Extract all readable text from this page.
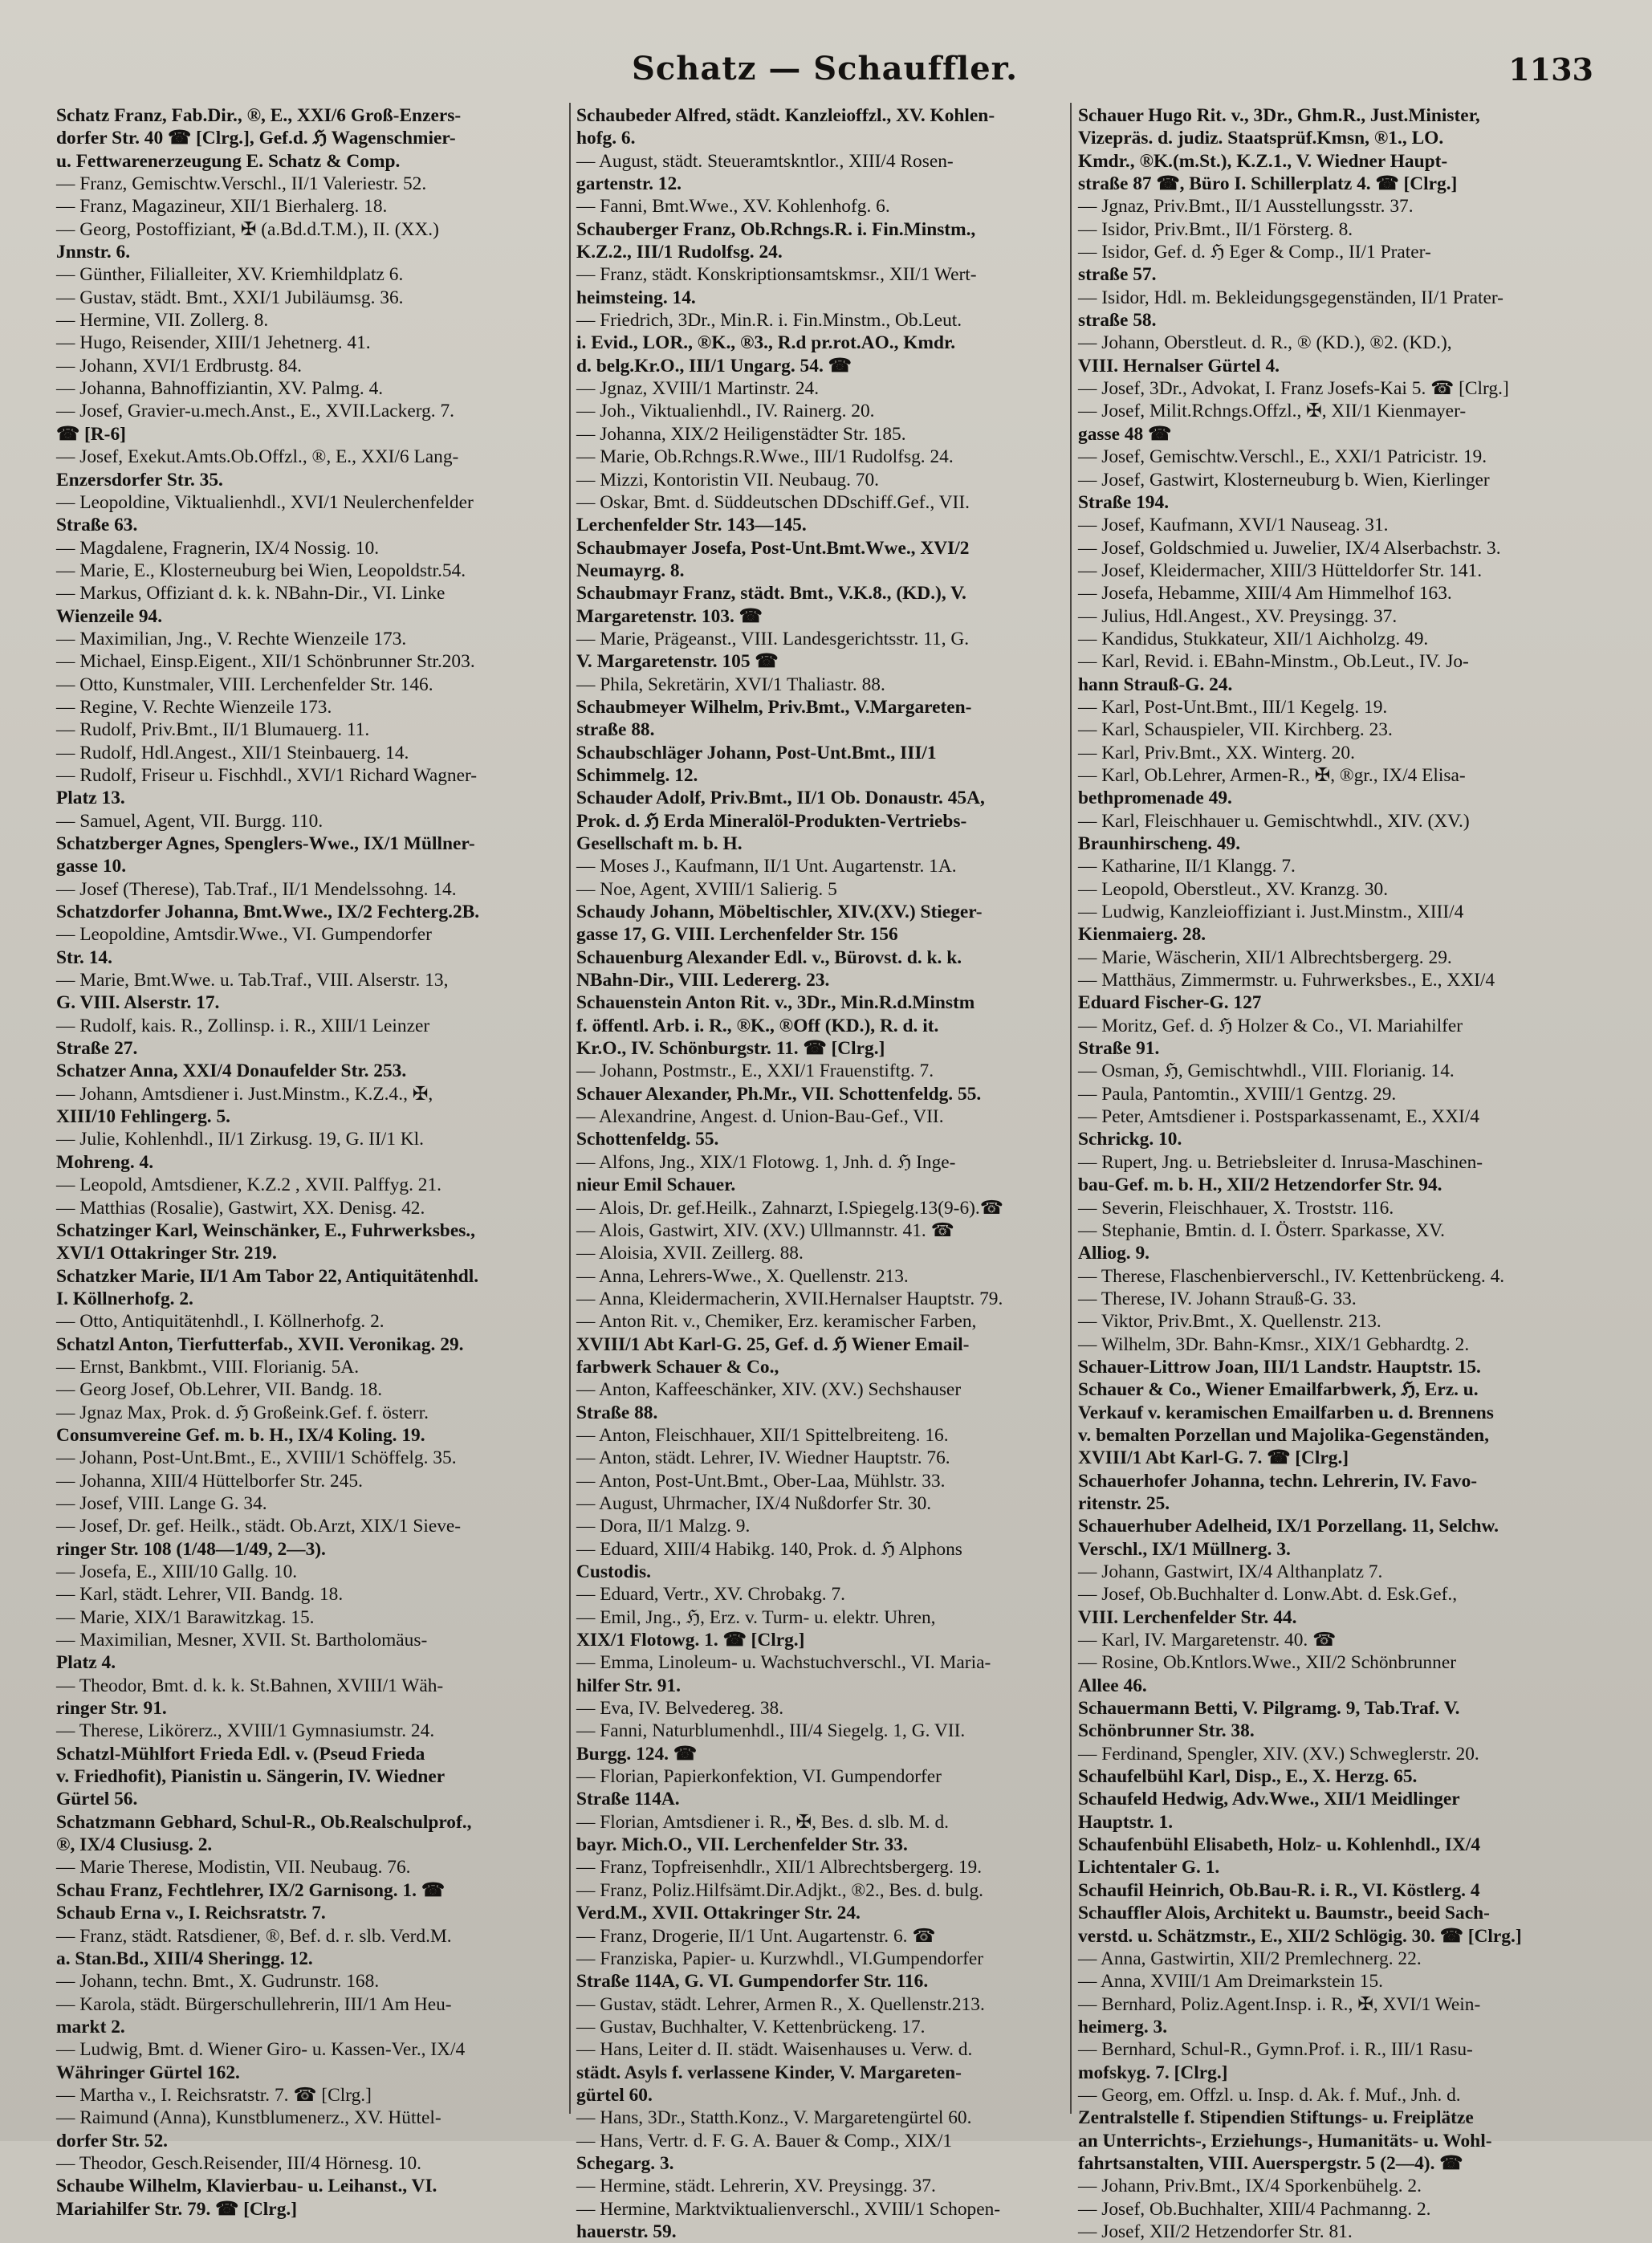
Schatz — Schauffler.	1133
Schatz Franz, Fab.Dir., ®, E., XXI/6 Groß-Enzers-
dorfer Str. 40 ☎ [Clrg.], Gef.d. ℌ Wagenschmier-
u. Fettwarenerzeugung E. Schatz & Comp.
— Franz, Gemischtw.Verschl., II/1 Valeriestr. 52.
— Franz, Magazineur, XII/1 Bierhalerg. 18.
— Georg, Postoffiziant, ✠ (a.Bd.d.T.M.), II. (XX.)
Jnnstr. 6.
— Günther, Filialleiter, XV. Kriemhildplatz 6.
— Gustav, städt. Bmt., XXI/1 Jubiläumsg. 36.
— Hermine, VII. Zollerg. 8.
— Hugo, Reisender, XIII/1 Jehetnerg. 41.
— Johann, XVI/1 Erdbrustg. 84.
— Johanna, Bahnoffiziantin, XV. Palmg. 4.
— Josef, Gravier-u.mech.Anst., E., XVII.Lackerg. 7.
☎ [R-6]
— Josef, Exekut.Amts.Ob.Offzl., ®, E., XXI/6 Lang-
Enzersdorfer Str. 35.
— Leopoldine, Viktualienhdl., XVI/1 Neulerchenfelder
Straße 63.
— Magdalene, Fragnerin, IX/4 Nossig. 10.
— Marie, E., Klosterneuburg bei Wien, Leopoldstr.54.
— Markus, Offiziant d. k. k. NBahn-Dir., VI. Linke
Wienzeile 94.
— Maximilian, Jng., V. Rechte Wienzeile 173.
— Michael, Einsp.Eigent., XII/1 Schönbrunner Str.203.
— Otto, Kunstmaler, VIII. Lerchenfelder Str. 146.
— Regine, V. Rechte Wienzeile 173.
— Rudolf, Priv.Bmt., II/1 Blumauerg. 11.
— Rudolf, Hdl.Angest., XII/1 Steinbauerg. 14.
— Rudolf, Friseur u. Fischhdl., XVI/1 Richard Wagner-
Platz 13.
— Samuel, Agent, VII. Burgg. 110.
Schatzberger Agnes, Spenglers-Wwe., IX/1 Müllner-
gasse 10.
— Josef (Therese), Tab.Traf., II/1 Mendelssohng. 14.
Schatzdorfer Johanna, Bmt.Wwe., IX/2 Fechterg.2B.
— Leopoldine, Amtsdir.Wwe., VI. Gumpendorfer
Str. 14.
— Marie, Bmt.Wwe. u. Tab.Traf., VIII. Alserstr. 13,
G. VIII. Alserstr. 17.
— Rudolf, kais. R., Zollinsp. i. R., XIII/1 Leinzer
Straße 27.
Schatzer Anna, XXI/4 Donaufelder Str. 253.
— Johann, Amtsdiener i. Just.Minstm., K.Z.4., ✠,
XIII/10 Fehlingerg. 5.
— Julie, Kohlenhdl., II/1 Zirkusg. 19, G. II/1 Kl.
Mohreng. 4.
— Leopold, Amtsdiener, K.Z.2 , XVII. Palffyg. 21.
— Matthias (Rosalie), Gastwirt, XX. Denisg. 42.
Schatzinger Karl, Weinschänker, E., Fuhrwerksbes.,
XVI/1 Ottakringer Str. 219.
Schatzker Marie, II/1 Am Tabor 22, Antiquitätenhdl.
I. Köllnerhofg. 2.
— Otto, Antiquitätenhdl., I. Köllnerhofg. 2.
Schatzl Anton, Tierfutterfab., XVII. Veronikag. 29.
— Ernst, Bankbmt., VIII. Florianig. 5A.
— Georg Josef, Ob.Lehrer, VII. Bandg. 18.
— Jgnaz Max, Prok. d. ℌ Großeink.Gef. f. österr.
Consumvereine Gef. m. b. H., IX/4 Koling. 19.
— Johann, Post-Unt.Bmt., E., XVIII/1 Schöffelg. 35.
— Johanna, XIII/4 Hüttelborfer Str. 245.
— Josef, VIII. Lange G. 34.
— Josef, Dr. gef. Heilk., städt. Ob.Arzt, XIX/1 Sieve-
ringer Str. 108 (1/48—1/49, 2—3).
— Josefa, E., XIII/10 Gallg. 10.
— Karl, städt. Lehrer, VII. Bandg. 18.
— Marie, XIX/1 Barawitzkag. 15.
— Maximilian, Mesner, XVII. St. Bartholomäus-
Platz 4.
— Theodor, Bmt. d. k. k. St.Bahnen, XVIII/1 Wäh-
ringer Str. 91.
— Therese, Likörerz., XVIII/1 Gymnasiumstr. 24.
Schatzl-Mühlfort Frieda Edl. v. (Pseud Frieda
v. Friedhofit), Pianistin u. Sängerin, IV. Wiedner
Gürtel 56.
Schatzmann Gebhard, Schul-R., Ob.Realschulprof.,
®, IX/4 Clusiusg. 2.
— Marie Therese, Modistin, VII. Neubaug. 76.
Schau Franz, Fechtlehrer, IX/2 Garnisong. 1. ☎
Schaub Erna v., I. Reichsratstr. 7.
— Franz, städt. Ratsdiener, ®, Bef. d. r. slb. Verd.M.
a. Stan.Bd., XIII/4 Sheringg. 12.
— Johann, techn. Bmt., X. Gudrunstr. 168.
— Karola, städt. Bürgerschullehrerin, III/1 Am Heu-
markt 2.
— Ludwig, Bmt. d. Wiener Giro- u. Kassen-Ver., IX/4
Währinger Gürtel 162.
— Martha v., I. Reichsratstr. 7. ☎ [Clrg.]
— Raimund (Anna), Kunstblumenerz., XV. Hüttel-
dorfer Str. 52.
— Theodor, Gesch.Reisender, III/4 Hörnesg. 10.
Schaube Wilhelm, Klavierbau- u. Leihanst., VI.
Mariahilfer Str. 79. ☎ [Clrg.]
Schaubeder Alfred, städt. Kanzleioffzl., XV. Kohlen-
hofg. 6.
— August, städt. Steueramtskntlor., XIII/4 Rosen-
gartenstr. 12.
— Fanni, Bmt.Wwe., XV. Kohlenhofg. 6.
Schauberger Franz, Ob.Rchngs.R. i. Fin.Minstm.,
K.Z.2., III/1 Rudolfsg. 24.
— Franz, städt. Konskriptionsamtskmsr., XII/1 Wert-
heimsteing. 14.
— Friedrich, 3Dr., Min.R. i. Fin.Minstm., Ob.Leut.
i. Evid., LOR., ®K., ®3., R.d pr.rot.AO., Kmdr.
d. belg.Kr.O., III/1 Ungarg. 54. ☎
— Jgnaz, XVIII/1 Martinstr. 24.
— Joh., Viktualienhdl., IV. Rainerg. 20.
— Johanna, XIX/2 Heiligenstädter Str. 185.
— Marie, Ob.Rchngs.R.Wwe., III/1 Rudolfsg. 24.
— Mizzi, Kontoristin VII. Neubaug. 70.
— Oskar, Bmt. d. Süddeutschen DDschiff.Gef., VII.
Lerchenfelder Str. 143—145.
Schaubmayer Josefa, Post-Unt.Bmt.Wwe., XVI/2
Neumayrg. 8.
Schaubmayr Franz, städt. Bmt., V.K.8., (KD.), V.
Margaretenstr. 103. ☎
— Marie, Prägeanst., VIII. Landesgerichtsstr. 11, G.
V. Margaretenstr. 105 ☎
— Phila, Sekretärin, XVI/1 Thaliastr. 88.
Schaubmeyer Wilhelm, Priv.Bmt., V.Margareten-
straße 88.
Schaubschläger Johann, Post-Unt.Bmt., III/1
Schimmelg. 12.
Schauder Adolf, Priv.Bmt., II/1 Ob. Donaustr. 45A,
Prok. d. ℌ Erda Mineralöl-Produkten-Vertriebs-
Gesellschaft m. b. H.
— Moses J., Kaufmann, II/1 Unt. Augartenstr. 1A.
— Noe, Agent, XVIII/1 Salierig. 5
Schaudy Johann, Möbeltischler, XIV.(XV.) Stieger-
gasse 17, G. VIII. Lerchenfelder Str. 156
Schauenburg Alexander Edl. v., Bürovst. d. k. k.
NBahn-Dir., VIII. Ledererg. 23.
Schauenstein Anton Rit. v., 3Dr., Min.R.d.Minstm
f. öffentl. Arb. i. R., ®K., ®Off (KD.), R. d. it.
Kr.O., IV. Schönburgstr. 11. ☎ [Clrg.]
— Johann, Postmstr., E., XXI/1 Frauenstiftg. 7.
Schauer Alexander, Ph.Mr., VII. Schottenfeldg. 55.
— Alexandrine, Angest. d. Union-Bau-Gef., VII.
Schottenfeldg. 55.
— Alfons, Jng., XIX/1 Flotowg. 1, Jnh. d. ℌ Inge-
nieur Emil Schauer.
— Alois, Dr. gef.Heilk., Zahnarzt, I.Spiegelg.13(9-6).☎
— Alois, Gastwirt, XIV. (XV.) Ullmannstr. 41. ☎
— Aloisia, XVII. Zeillerg. 88.
— Anna, Lehrers-Wwe., X. Quellenstr. 213.
— Anna, Kleidermacherin, XVII.Hernalser Hauptstr. 79.
— Anton Rit. v., Chemiker, Erz. keramischer Farben,
XVIII/1 Abt Karl-G. 25, Gef. d. ℌ Wiener Email-
farbwerk Schauer & Co.,
— Anton, Kaffeeschänker, XIV. (XV.) Sechshauser
Straße 88.
— Anton, Fleischhauer, XII/1 Spittelbreiteng. 16.
— Anton, städt. Lehrer, IV. Wiedner Hauptstr. 76.
— Anton, Post-Unt.Bmt., Ober-Laa, Mühlstr. 33.
— August, Uhrmacher, IX/4 Nußdorfer Str. 30.
— Dora, II/1 Malzg. 9.
— Eduard, XIII/4 Habikg. 140, Prok. d. ℌ Alphons
Custodis.
— Eduard, Vertr., XV. Chrobakg. 7.
— Emil, Jng., ℌ, Erz. v. Turm- u. elektr. Uhren,
XIX/1 Flotowg. 1. ☎ [Clrg.]
— Emma, Linoleum- u. Wachstuchverschl., VI. Maria-
hilfer Str. 91.
— Eva, IV. Belvedereg. 38.
— Fanni, Naturblumenhdl., III/4 Siegelg. 1, G. VII.
Burgg. 124. ☎
— Florian, Papierkonfektion, VI. Gumpendorfer
Straße 114A.
— Florian, Amtsdiener i. R., ✠, Bes. d. slb. M. d.
bayr. Mich.O., VII. Lerchenfelder Str. 33.
— Franz, Topfreisenhdlr., XII/1 Albrechtsbergerg. 19.
— Franz, Poliz.Hilfsämt.Dir.Adjkt., ®2., Bes. d. bulg.
Verd.M., XVII. Ottakringer Str. 24.
— Franz, Drogerie, II/1 Unt. Augartenstr. 6. ☎
— Franziska, Papier- u. Kurzwhdl., VI.Gumpendorfer
Straße 114A, G. VI. Gumpendorfer Str. 116.
— Gustav, städt. Lehrer, Armen R., X. Quellenstr.213.
— Gustav, Buchhalter, V. Kettenbrückeng. 17.
— Hans, Leiter d. II. städt. Waisenhauses u. Verw. d.
städt. Asyls f. verlassene Kinder, V. Margareten-
gürtel 60.
— Hans, 3Dr., Statth.Konz., V. Margaretengürtel 60.
— Hans, Vertr. d. F. G. A. Bauer & Comp., XIX/1
Schegarg. 3.
— Hermine, städt. Lehrerin, XV. Preysingg. 37.
— Hermine, Marktviktualienverschl., XVIII/1 Schopen-
hauerstr. 59.
Schauer Hugo Rit. v., 3Dr., Ghm.R., Just.Minister,
Vizepräs. d. judiz. Staatsprüf.Kmsn, ®1., LO.
Kmdr., ®K.(m.St.), K.Z.1., V. Wiedner Haupt-
straße 87 ☎, Büro I. Schillerplatz 4. ☎ [Clrg.]
— Jgnaz, Priv.Bmt., II/1 Ausstellungsstr. 37.
— Isidor, Priv.Bmt., II/1 Försterg. 8.
— Isidor, Gef. d. ℌ Eger & Comp., II/1 Prater-
straße 57.
— Isidor, Hdl. m. Bekleidungsgegenständen, II/1 Prater-
straße 58.
— Johann, Oberstleut. d. R., ® (KD.), ®2. (KD.),
VIII. Hernalser Gürtel 4.
— Josef, 3Dr., Advokat, I. Franz Josefs-Kai 5. ☎ [Clrg.]
— Josef, Milit.Rchngs.Offzl., ✠, XII/1 Kienmayer-
gasse 48 ☎
— Josef, Gemischtw.Verschl., E., XXI/1 Patricistr. 19.
— Josef, Gastwirt, Klosterneuburg b. Wien, Kierlinger
Straße 194.
— Josef, Kaufmann, XVI/1 Nauseag. 31.
— Josef, Goldschmied u. Juwelier, IX/4 Alserbachstr. 3.
— Josef, Kleidermacher, XIII/3 Hütteldorfer Str. 141.
— Josefa, Hebamme, XIII/4 Am Himmelhof 163.
— Julius, Hdl.Angest., XV. Preysingg. 37.
— Kandidus, Stukkateur, XII/1 Aichholzg. 49.
— Karl, Revid. i. EBahn-Minstm., Ob.Leut., IV. Jo-
hann Strauß-G. 24.
— Karl, Post-Unt.Bmt., III/1 Kegelg. 19.
— Karl, Schauspieler, VII. Kirchberg. 23.
— Karl, Priv.Bmt., XX. Winterg. 20.
— Karl, Ob.Lehrer, Armen-R., ✠, ®gr., IX/4 Elisa-
bethpromenade 49.
— Karl, Fleischhauer u. Gemischtwhdl., XIV. (XV.)
Braunhirscheng. 49.
— Katharine, II/1 Klangg. 7.
— Leopold, Oberstleut., XV. Kranzg. 30.
— Ludwig, Kanzleioffiziant i. Just.Minstm., XIII/4
Kienmaierg. 28.
— Marie, Wäscherin, XII/1 Albrechtsbergerg. 29.
— Matthäus, Zimmermstr. u. Fuhrwerksbes., E., XXI/4
Eduard Fischer-G. 127
— Moritz, Gef. d. ℌ Holzer & Co., VI. Mariahilfer
Straße 91.
— Osman, ℌ, Gemischtwhdl., VIII. Florianig. 14.
— Paula, Pantomtin., XVIII/1 Gentzg. 29.
— Peter, Amtsdiener i. Postsparkassenamt, E., XXI/4
Schrickg. 10.
— Rupert, Jng. u. Betriebsleiter d. Inrusa-Maschinen-
bau-Gef. m. b. H., XII/2 Hetzendorfer Str. 94.
— Severin, Fleischhauer, X. Troststr. 116.
— Stephanie, Bmtin. d. I. Österr. Sparkasse, XV.
Alliog. 9.
— Therese, Flaschenbierverschl., IV. Kettenbrückeng. 4.
— Therese, IV. Johann Strauß-G. 33.
— Viktor, Priv.Bmt., X. Quellenstr. 213.
— Wilhelm, 3Dr. Bahn-Kmsr., XIX/1 Gebhardtg. 2.
Schauer-Littrow Joan, III/1 Landstr. Hauptstr. 15.
Schauer & Co., Wiener Emailfarbwerk, ℌ, Erz. u.
Verkauf v. keramischen Emailfarben u. d. Brennens
v. bemalten Porzellan und Majolika-Gegenständen,
XVIII/1 Abt Karl-G. 7. ☎ [Clrg.]
Schauerhofer Johanna, techn. Lehrerin, IV. Favo-
ritenstr. 25.
Schauerhuber Adelheid, IX/1 Porzellang. 11, Selchw.
Verschl., IX/1 Müllnerg. 3.
— Johann, Gastwirt, IX/4 Althanplatz 7.
— Josef, Ob.Buchhalter d. Lonw.Abt. d. Esk.Gef.,
VIII. Lerchenfelder Str. 44.
— Karl, IV. Margaretenstr. 40. ☎
— Rosine, Ob.Kntlors.Wwe., XII/2 Schönbrunner
Allee 46.
Schauermann Betti, V. Pilgramg. 9, Tab.Traf. V.
Schönbrunner Str. 38.
— Ferdinand, Spengler, XIV. (XV.) Schweglerstr. 20.
Schaufelbühl Karl, Disp., E., X. Herzg. 65.
Schaufeld Hedwig, Adv.Wwe., XII/1 Meidlinger
Hauptstr. 1.
Schaufenbühl Elisabeth, Holz- u. Kohlenhdl., IX/4
Lichtentaler G. 1.
Schaufil Heinrich, Ob.Bau-R. i. R., VI. Köstlerg. 4
Schauffler Alois, Architekt u. Baumstr., beeid Sach-
verstd. u. Schätzmstr., E., XII/2 Schlögig. 30. ☎ [Clrg.]
— Anna, Gastwirtin, XII/2 Premlechnerg. 22.
— Anna, XVIII/1 Am Dreimarkstein 15.
— Bernhard, Poliz.Agent.Insp. i. R., ✠, XVI/1 Wein-
heimerg. 3.
— Bernhard, Schul-R., Gymn.Prof. i. R., III/1 Rasu-
mofskyg. 7. [Clrg.]
— Georg, em. Offzl. u. Insp. d. Ak. f. Muf., Jnh. d.
Zentralstelle f. Stipendien Stiftungs- u. Freiplätze
an Unterrichts-, Erziehungs-, Humanitäts- u. Wohl-
fahrtsanstalten, VIII. Auerspergstr. 5 (2—4). ☎
— Johann, Priv.Bmt., IX/4 Sporkenbühelg. 2.
— Josef, Ob.Buchhalter, XIII/4 Pachmanng. 2.
— Josef, XII/2 Hetzendorfer Str. 81.
